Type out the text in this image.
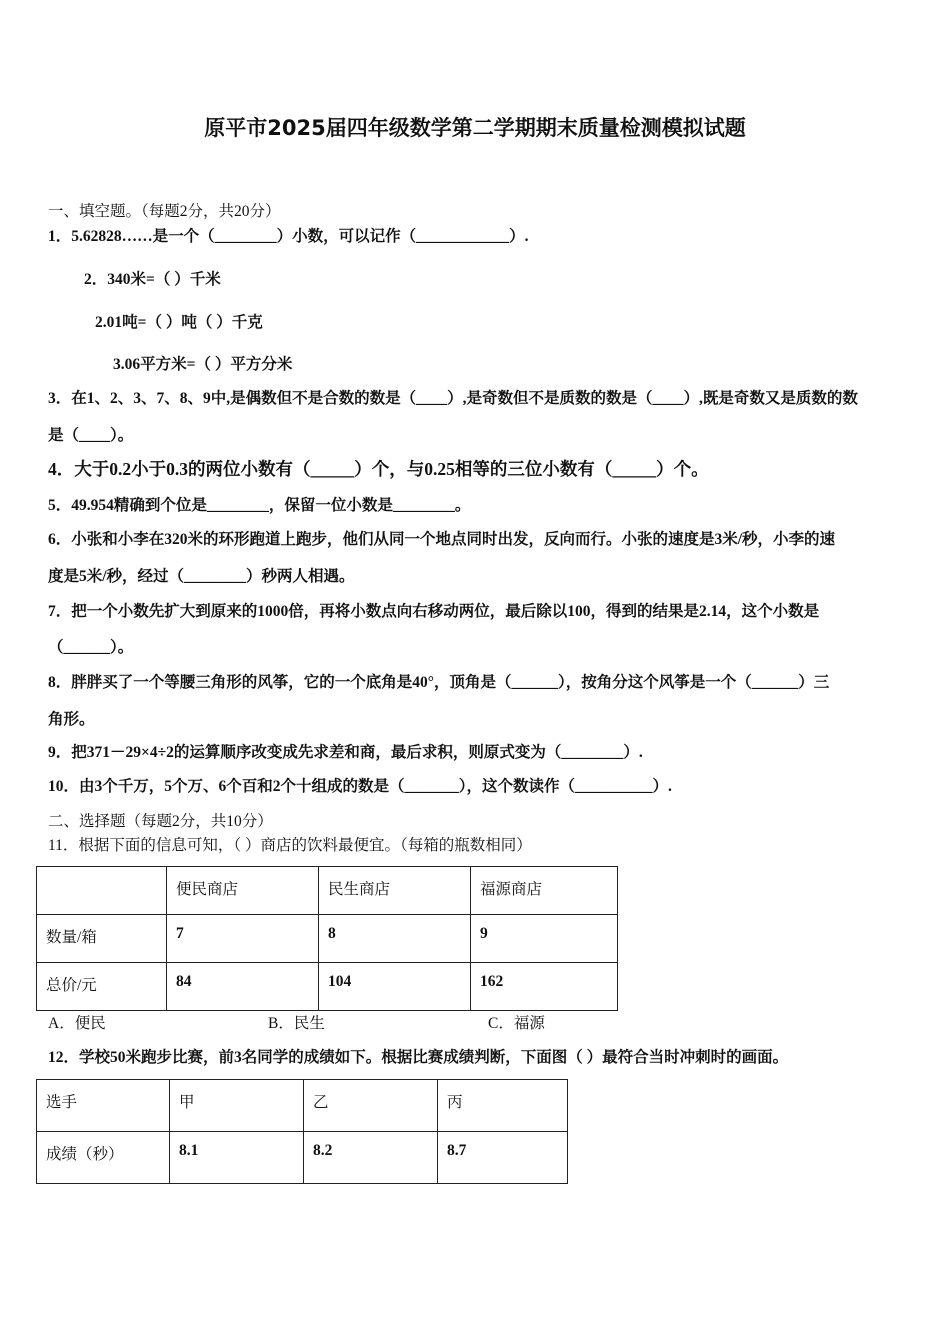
原平市2025届四年级数学第二学期期末质量检测模拟试题
一、填空题。（每题2分，共20分）
1．5.62828……是一个（________）小数，可以记作（____________）.
2．340米=（ ）千米
2.01吨=（ ）吨（ ）千克
3.06平方米=（ ）平方分米
3．在1、2、3、7、8、9中,是偶数但不是合数的数是（____）,是奇数但不是质数的数是（____）,既是奇数又是质数的数
是（____）。
4．大于0.2小于0.3的两位小数有（_____）个，与0.25相等的三位小数有（_____）个。
5．49.954精确到个位是________，保留一位小数是________。
6．小张和小李在320米的环形跑道上跑步，他们从同一个地点同时出发，反向而行。小张的速度是3米/秒，小李的速
度是5米/秒，经过（________）秒两人相遇。
7．把一个小数先扩大到原来的1000倍，再将小数点向右移动两位，最后除以100，得到的结果是2.14，这个小数是
（______）。
8．胖胖买了一个等腰三角形的风筝，它的一个底角是40°，顶角是（______），按角分这个风筝是一个（______）三
角形。
9．把371－29×4÷2的运算顺序改变成先求差和商，最后求积，则原式变为（________）.
10．由3个千万，5个万、6个百和2个十组成的数是（_______），这个数读作（__________）.
二、选择题（每题2分，共10分）
11．根据下面的信息可知，（ ）商店的饮料最便宜。（每箱的瓶数相同）
	便民商店	民生商店	福源商店
数量/箱	7	8	9
总价/元	84	104	162
A．便民	B．民生	C．福源
12．学校50米跑步比赛，前3名同学的成绩如下。根据比赛成绩判断，下面图（ ）最符合当时冲刺时的画面。
选手	甲	乙	丙
成绩（秒）	8.1	8.2	8.7
